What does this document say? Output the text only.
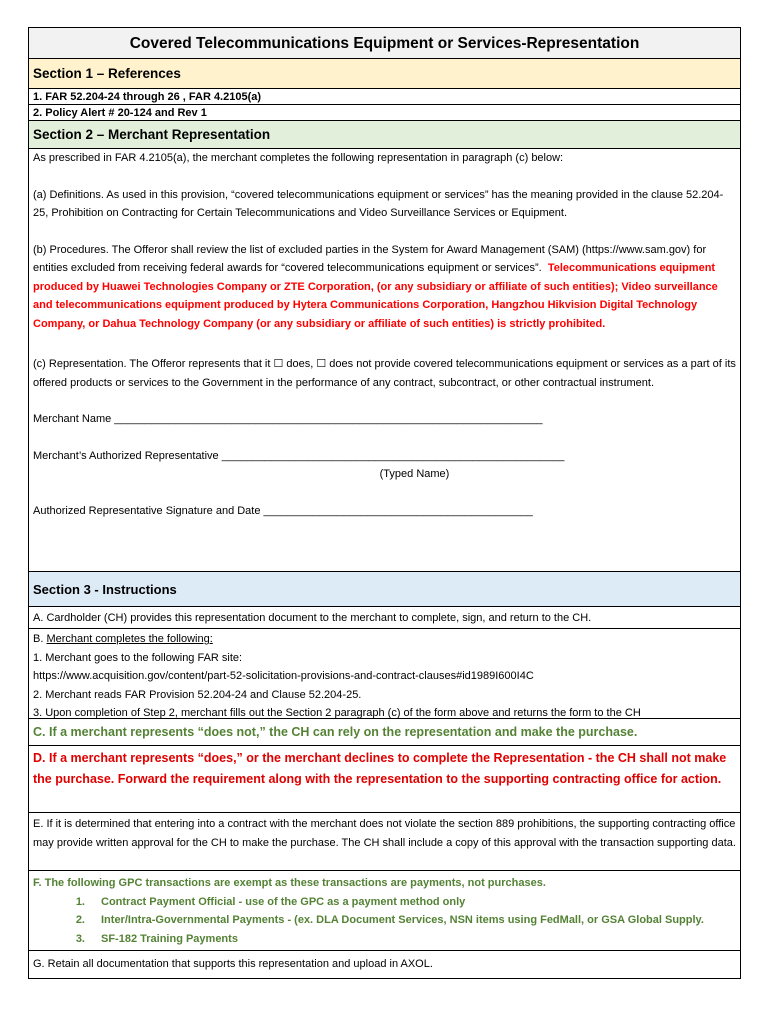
Covered Telecommunications Equipment or Services-Representation
Section 1 – References
1. FAR 52.204-24 through 26 , FAR 4.2105(a)
2. Policy Alert # 20-124 and Rev 1
Section 2 – Merchant Representation

As prescribed in FAR 4.2105(a), the merchant completes the following representation in paragraph (c) below:

(a) Definitions. As used in this provision, “covered telecommunications equipment or services” has the meaning provided in the clause 52.204-25, Prohibition on Contracting for Certain Telecommunications and Video Surveillance Services or Equipment.

(b) Procedures. The Offeror shall review the list of excluded parties in the System for Award Management (SAM) (https://www.sam.gov) for entities excluded from receiving federal awards for “covered telecommunications equipment or services”. Telecommunications equipment produced by Huawei Technologies Company or ZTE Corporation, (or any subsidiary or affiliate of such entities); Video surveillance and telecommunications equipment produced by Hytera Communications Corporation, Hangzhou Hikvision Digital Technology Company, or Dahua Technology Company (or any subsidiary or affiliate of such entities) is strictly prohibited.

(c) Representation. The Offeror represents that it ☐ does, ☐ does not provide covered telecommunications equipment or services as a part of its offered products or services to the Government in the performance of any contract, subcontract, or other contractual instrument.

Merchant Name ______________________________________________________________________

Merchant’s Authorized Representative ________________________________________________________

(Typed Name)

Authorized Representative Signature and Date ____________________________________________

Section 3 - Instructions
A. Cardholder (CH) provides this representation document to the merchant to complete, sign, and return to the CH.
B. Merchant completes the following:
1. Merchant goes to the following FAR site:
https://www.acquisition.gov/content/part-52-solicitation-provisions-and-contract-clauses#id1989I600I4C
2. Merchant reads FAR Provision 52.204-24 and Clause 52.204-25.
3. Upon completion of Step 2, merchant fills out the Section 2 paragraph (c) of the form above and returns the form to the CH
C. If a merchant represents “does not,” the CH can rely on the representation and make the purchase.
D. If a merchant represents “does,” or the merchant declines to complete the Representation - the CH shall not make the purchase. Forward the requirement along with the representation to the supporting contracting office for action.
E. If it is determined that entering into a contract with the merchant does not violate the section 889 prohibitions, the supporting contracting office may provide written approval for the CH to make the purchase. The CH shall include a copy of this approval with the transaction supporting data.
F. The following GPC transactions are exempt as these transactions are payments, not purchases.
1.	Contract Payment Official - use of the GPC as a payment method only
2.	Inter/Intra-Governmental Payments - (ex. DLA Document Services, NSN items using FedMall, or GSA Global Supply.
3.	SF-182 Training Payments
G. Retain all documentation that supports this representation and upload in AXOL.
